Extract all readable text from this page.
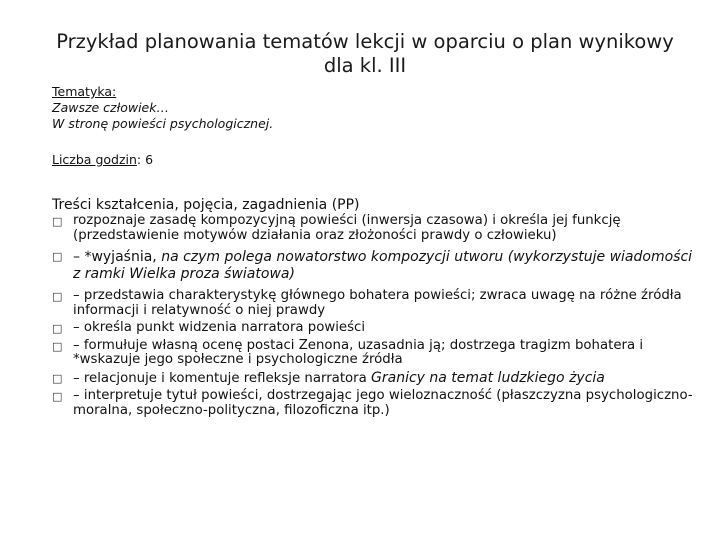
Przykład planowania tematów lekcji w oparciu o plan wynikowy
dla kl. III
Tematyka:
Zawsze człowiek…
W stronę powieści psychologicznej.
Liczba godzin: 6
Treści kształcenia, pojęcia, zagadnienia (PP)
□ rozpoznaje zasadę kompozycyjną powieści (inwersja czasowa) i określa jej funkcję (przedstawienie motywów działania oraz złożoności prawdy o człowieku)
□ – *wyjaśnia, na czym polega nowatorstwo kompozycji utworu (wykorzystuje wiadomości z ramki Wielka proza światowa)
□ – przedstawia charakterystykę głównego bohatera powieści; zwraca uwagę na różne źródła informacji i relatywność o niej prawdy
□ – określa punkt widzenia narratora powieści
□ – formułuje własną ocenę postaci Zenona, uzasadnia ją; dostrzega tragizm bohatera i *wskazuje jego społeczne i psychologiczne źródła
□ – relacjonuje i komentuje refleksje narratora Granicy na temat ludzkiego życia
□ – interpretuje tytuł powieści, dostrzegając jego wieloznaczność (płaszczyzna psychologiczno-moralna, społeczno-polityczna, filozoficzna itp.)
